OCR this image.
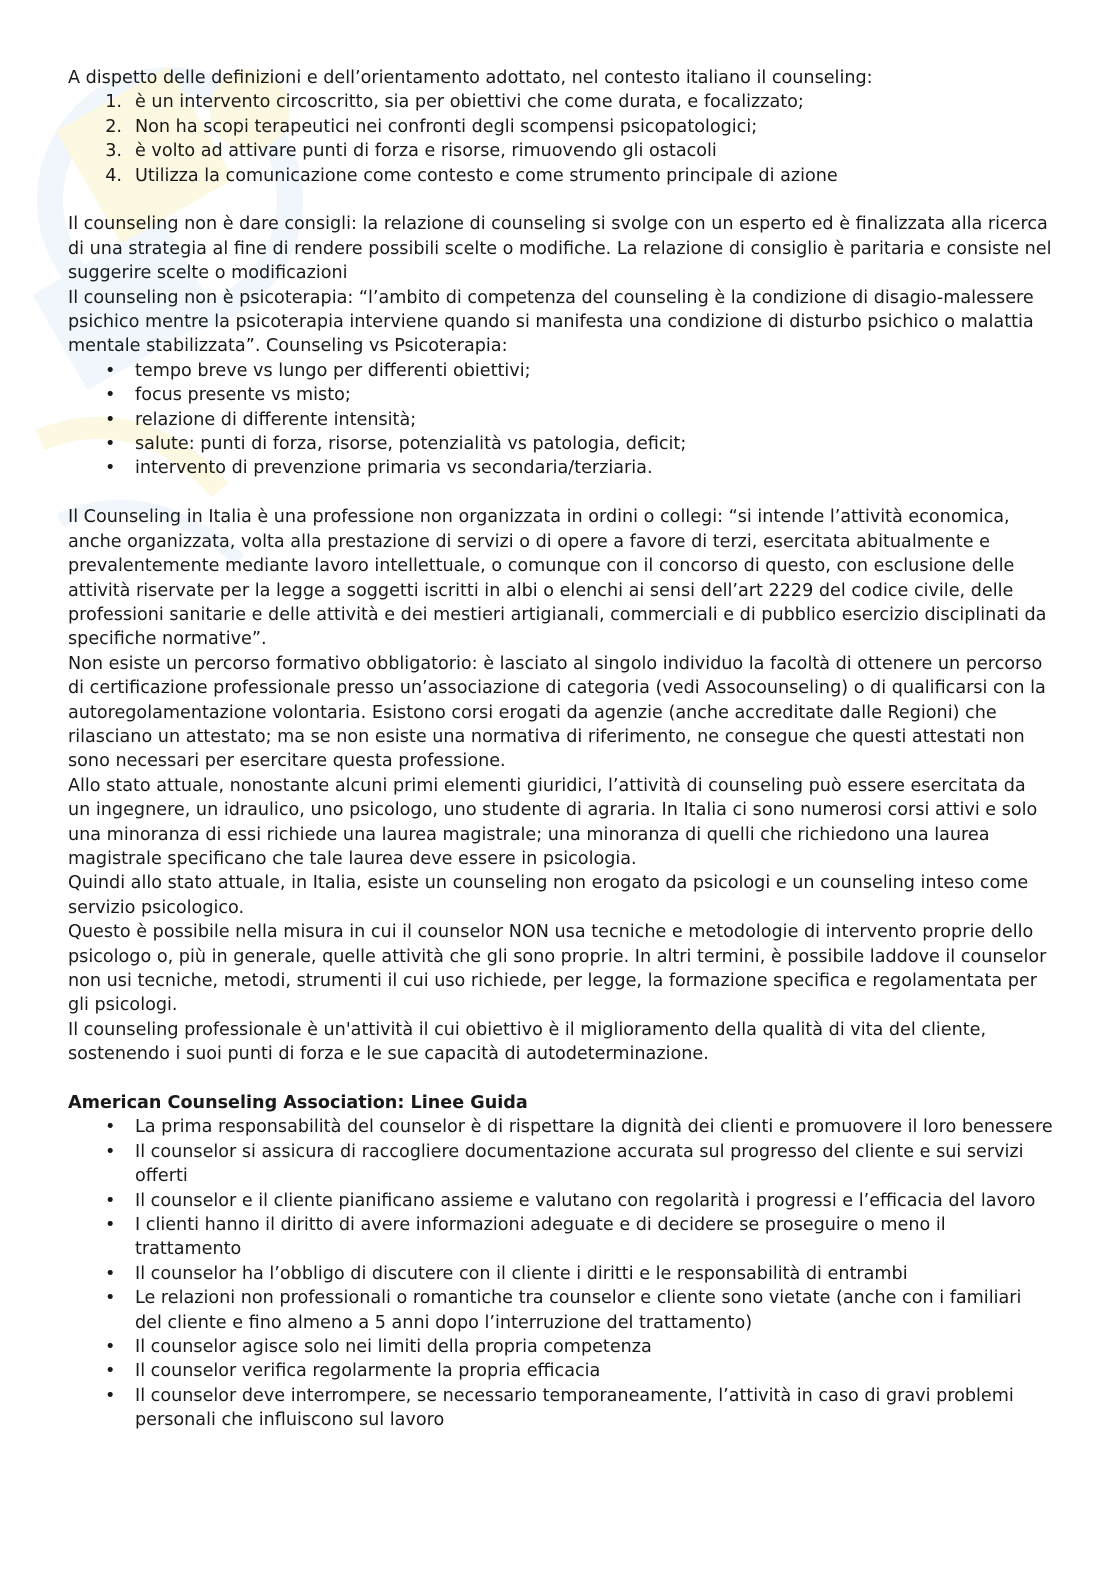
A dispetto delle definizioni e dell’orientamento adottato, nel contesto italiano il counseling:

1. è un intervento circoscritto, sia per obiettivi che come durata, e focalizzato;
2. Non ha scopi terapeutici nei confronti degli scompensi psicopatologici;
3. è volto ad attivare punti di forza e risorse, rimuovendo gli ostacoli
4. Utilizza la comunicazione come contesto e come strumento principale di azione

Il counseling non è dare consigli: la relazione di counseling si svolge con un esperto ed è finalizzata alla ricerca di una strategia al fine di rendere possibili scelte o modifiche. La relazione di consiglio è paritaria e consiste nel suggerire scelte o modificazioni

Il counseling non è psicoterapia: “l’ambito di competenza del counseling è la condizione di disagio-malessere psichico mentre la psicoterapia interviene quando si manifesta una condizione di disturbo psichico o malattia mentale stabilizzata”. Counseling vs Psicoterapia:

• tempo breve vs lungo per differenti obiettivi;
• focus presente vs misto;
• relazione di differente intensità;
• salute: punti di forza, risorse, potenzialità vs patologia, deficit;
• intervento di prevenzione primaria vs secondaria/terziaria.

Il Counseling in Italia è una professione non organizzata in ordini o collegi: “si intende l’attività economica, anche organizzata, volta alla prestazione di servizi o di opere a favore di terzi, esercitata abitualmente e prevalentemente mediante lavoro intellettuale, o comunque con il concorso di questo, con esclusione delle attività riservate per la legge a soggetti iscritti in albi o elenchi ai sensi dell’art 2229 del codice civile, delle professioni sanitarie e delle attività e dei mestieri artigianali, commerciali e di pubblico esercizio disciplinati da specifiche normative”.

Non esiste un percorso formativo obbligatorio: è lasciato al singolo individuo la facoltà di ottenere un percorso di certificazione professionale presso un’associazione di categoria (vedi Assocounseling) o di qualificarsi con la autoregolamentazione volontaria. Esistono corsi erogati da agenzie (anche accreditate dalle Regioni) che rilasciano un attestato; ma se non esiste una normativa di riferimento, ne consegue che questi attestati non sono necessari per esercitare questa professione.

Allo stato attuale, nonostante alcuni primi elementi giuridici, l’attività di counseling può essere esercitata da un ingegnere, un idraulico, uno psicologo, uno studente di agraria. In Italia ci sono numerosi corsi attivi e solo una minoranza di essi richiede una laurea magistrale; una minoranza di quelli che richiedono una laurea magistrale specificano che tale laurea deve essere in psicologia.

Quindi allo stato attuale, in Italia, esiste un counseling non erogato da psicologi e un counseling inteso come servizio psicologico.

Questo è possibile nella misura in cui il counselor NON usa tecniche e metodologie di intervento proprie dello psicologo o, più in generale, quelle attività che gli sono proprie. In altri termini, è possibile laddove il counselor non usi tecniche, metodi, strumenti il cui uso richiede, per legge, la formazione specifica e regolamentata per gli psicologi.

Il counseling professionale è un'attività il cui obiettivo è il miglioramento della qualità di vita del cliente, sostenendo i suoi punti di forza e le sue capacità di autodeterminazione.

American Counseling Association: Linee Guida
• La prima responsabilità del counselor è di rispettare la dignità dei clienti e promuovere il loro benessere
• Il counselor si assicura di raccogliere documentazione accurata sul progresso del cliente e sui servizi offerti
• Il counselor e il cliente pianificano assieme e valutano con regolarità i progressi e l’efficacia del lavoro
• I clienti hanno il diritto di avere informazioni adeguate e di decidere se proseguire o meno il trattamento
• Il counselor ha l’obbligo di discutere con il cliente i diritti e le responsabilità di entrambi
• Le relazioni non professionali o romantiche tra counselor e cliente sono vietate (anche con i familiari del cliente e fino almeno a 5 anni dopo l’interruzione del trattamento)
• Il counselor agisce solo nei limiti della propria competenza
• Il counselor verifica regolarmente la propria efficacia
• Il counselor deve interrompere, se necessario temporaneamente, l’attività in caso di gravi problemi personali che influiscono sul lavoro
